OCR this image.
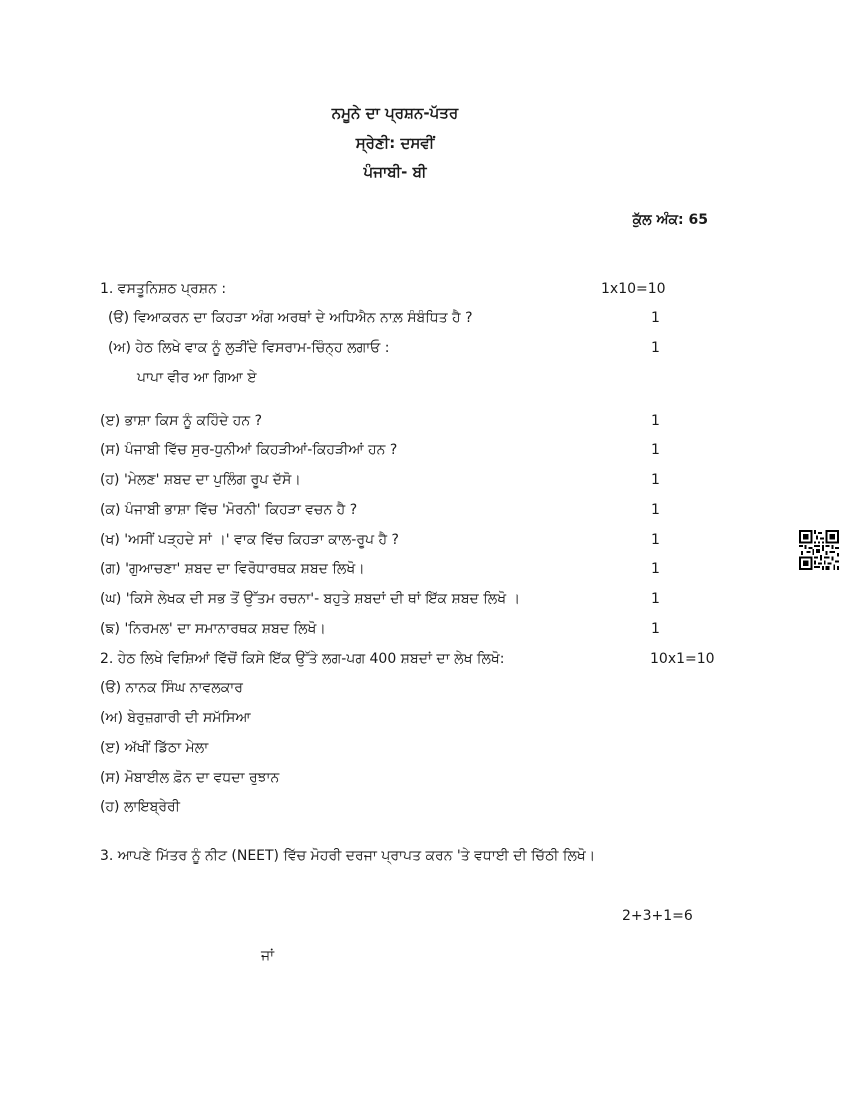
ਨਮੂਨੇ ਦਾ ਪ੍ਰਸ਼ਨ-ਪੱਤਰ
ਸ੍ਰੇਣੀ: ਦਸਵੀਂ
ਪੰਜਾਬੀ- ਬੀ
ਕੁੱਲ ਅੰਕ: 65
1. ਵਸਤੂਨਿਸ਼ਠ ਪ੍ਰਸ਼ਨ :	1x10=10
(ੳ) ਵਿਆਕਰਨ ਦਾ ਕਿਹੜਾ ਅੰਗ ਅਰਥਾਂ ਦੇ ਅਧਿਐਨ ਨਾਲ਼ ਸੰਬੰਧਿਤ ਹੈ ?	1
(ਅ) ਹੇਠ ਲਿਖੇ ਵਾਕ ਨੂੰ ਲੁੜੀਂਦੇ ਵਿਸਰਾਮ-ਚਿੰਨ੍ਹ ਲਗਾਓ :	1
ਪਾਪਾ ਵੀਰ ਆ ਗਿਆ ਏ
(ੲ) ਭਾਸ਼ਾ ਕਿਸ ਨੂੰ ਕਹਿੰਦੇ ਹਨ ?	1
(ਸ) ਪੰਜਾਬੀ ਵਿੱਚ ਸੁਰ-ਧੁਨੀਆਂ ਕਿਹੜੀਆਂ-ਕਿਹੜੀਆਂ ਹਨ ?	1
(ਹ) 'ਮੇਲਣ' ਸ਼ਬਦ ਦਾ ਪੁਲਿੰਗ ਰੂਪ ਦੱਸੋ।	1
(ਕ) ਪੰਜਾਬੀ ਭਾਸ਼ਾ ਵਿੱਚ 'ਮੋਰਨੀ' ਕਿਹੜਾ ਵਚਨ ਹੈ ?	1
(ਖ) 'ਅਸੀਂ ਪੜ੍ਹਦੇ ਸਾਂ ।' ਵਾਕ ਵਿੱਚ ਕਿਹੜਾ ਕਾਲ-ਰੂਪ ਹੈ ?	1
(ਗ) 'ਗੁਆਚਣਾ' ਸ਼ਬਦ ਦਾ ਵਿਰੋਧਾਰਥਕ ਸ਼ਬਦ ਲਿਖੋ।	1
(ਘ) 'ਕਿਸੇ ਲੇਖਕ ਦੀ ਸਭ ਤੋਂ ਉੱਤਮ ਰਚਨਾ'- ਬਹੁਤੇ ਸ਼ਬਦਾਂ ਦੀ ਥਾਂ ਇੱਕ ਸ਼ਬਦ ਲਿਖੋ ।	1
(ਙ) 'ਨਿਰਮਲ' ਦਾ ਸਮਾਨਾਰਥਕ ਸ਼ਬਦ ਲਿਖੋ।	1
2. ਹੇਠ ਲਿਖੇ ਵਿਸ਼ਿਆਂ ਵਿੱਚੋਂ ਕਿਸੇ ਇੱਕ ਉੱਤੇ ਲਗ-ਪਗ 400 ਸ਼ਬਦਾਂ ਦਾ ਲੇਖ ਲਿਖੋ:	10x1=10
(ੳ) ਨਾਨਕ ਸਿੰਘ ਨਾਵਲਕਾਰ
(ਅ) ਬੇਰੁਜ਼ਗਾਰੀ ਦੀ ਸਮੱਸਿਆ
(ੲ) ਅੱਖੀਂ ਡਿੱਠਾ ਮੇਲਾ
(ਸ) ਮੋਬਾਈਲ ਫ਼ੋਨ ਦਾ ਵਧਦਾ ਰੁਝਾਨ
(ਹ) ਲਾਇਬ੍ਰੇਰੀ
3. ਆਪਣੇ ਮਿੱਤਰ ਨੂੰ ਨੀਟ (NEET) ਵਿੱਚ ਮੋਹਰੀ ਦਰਜਾ ਪ੍ਰਾਪਤ ਕਰਨ 'ਤੇ ਵਧਾਈ ਦੀ ਚਿੱਠੀ ਲਿਖੋ।
2+3+1=6
ਜਾਂ
